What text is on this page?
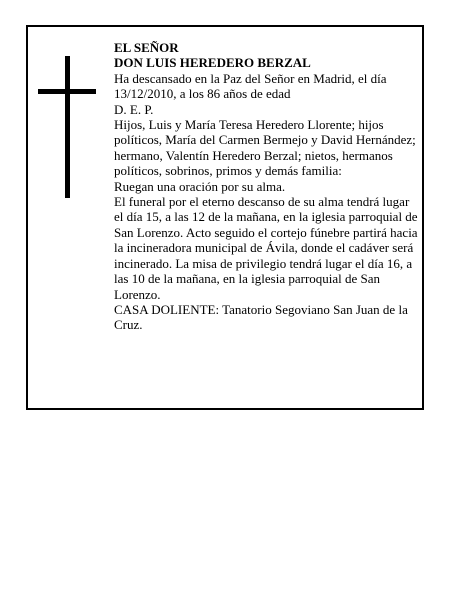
EL SEÑOR

DON LUIS HEREDERO BERZAL

Ha descansado en la Paz del Señor en Madrid, el día 13/12/2010, a los 86 años de edad

D. E. P.

Hijos, Luis y María Teresa Heredero Llorente; hijos políticos, María del Carmen Bermejo y David Hernández; hermano, Valentín Heredero Berzal; nietos, hermanos políticos, sobrinos, primos y demás familia:

Ruegan una oración por su alma.

El funeral por el eterno descanso de su alma tendrá lugar el día 15, a las 12 de la mañana, en la iglesia parroquial de San Lorenzo. Acto seguido el cortejo fúnebre partirá hacia la incineradora municipal de Ávila, donde el cadáver será incinerado. La misa de privilegio tendrá lugar el día 16, a las 10 de la mañana, en la iglesia parroquial de San Lorenzo.

CASA DOLIENTE: Tanatorio Segoviano San Juan de la Cruz.
